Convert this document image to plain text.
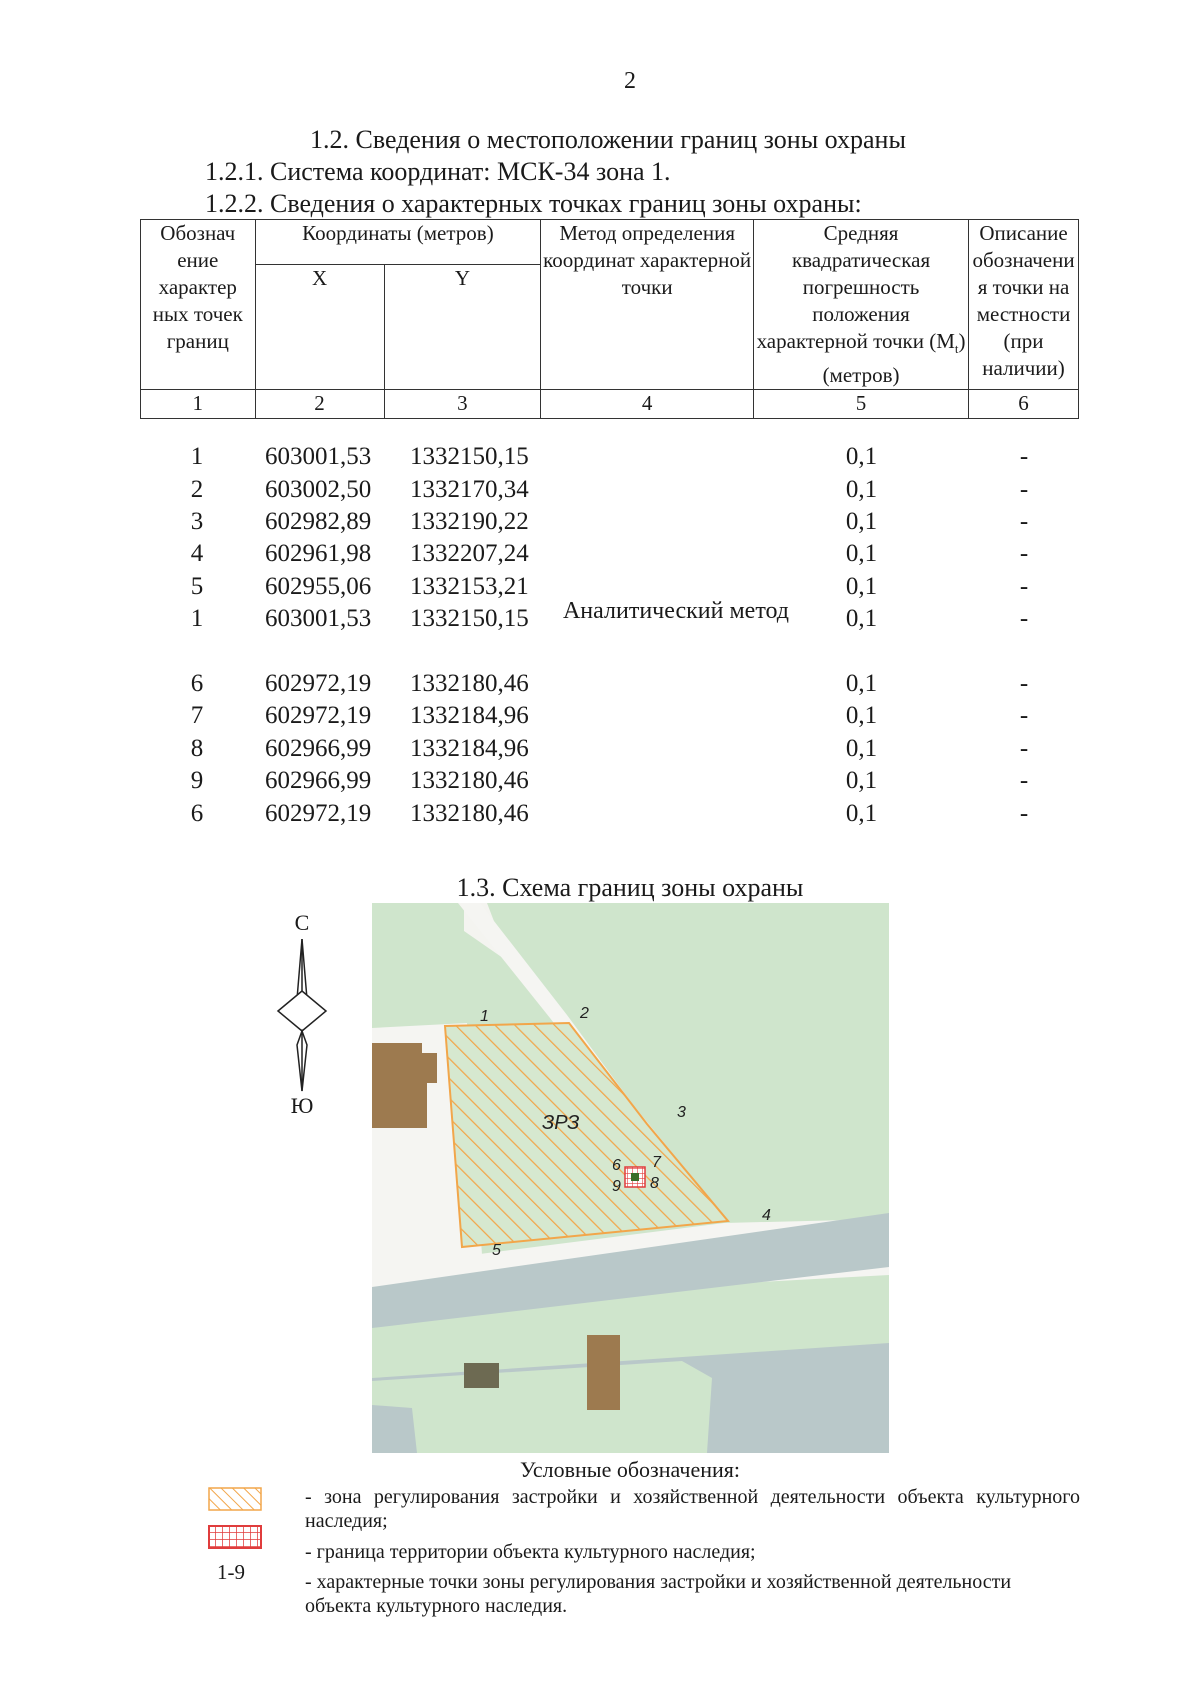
2
1.2. Сведения о местоположении границ зоны охраны
1.2.1. Система координат: МСК-34 зона 1.
1.2.2. Сведения о характерных точках границ зоны охраны:
Обознач ение характер ных точек границ	Координаты (метров)		Метод определения координат характерной точки	Средняя квадратическая погрешность положения характерной точки $(M_t)$ (метров)	Описание обозначени я точки на местности (при наличии)
	X	Y			
1	2	3	4	5	6
1	603001,53 1332150,15	0,1	-
2	603002,50 1332170,34	0,1	-
3	602982,89 1332190,22	0,1	-
4	602961,98 1332207,24	0,1	-
5	602955,06 1332153,21	0,1	-
1	603001,53 1332150,15	0,1	-
6	602972,19 1332180,46	0,1	-
7	602972,19 1332184,96	0,1	-
8	602966,99 1332184,96	0,1	-
9	602966,99 1332180,46	0,1	-
6	602972,19 1332180,46	0,1	-
Аналитический метод
1.3. Схема границ зоны охраны
С
Ю
ЗРЗ
1	2
3
4
5
6 7
8
9
Условные обозначения:
- зона регулирования застройки и хозяйственной деятельности объекта культурного наследия;
- граница территории объекта культурного наследия;
1-9	- характерные точки зоны регулирования застройки и хозяйственной деятельности объекта культурного наследия.
